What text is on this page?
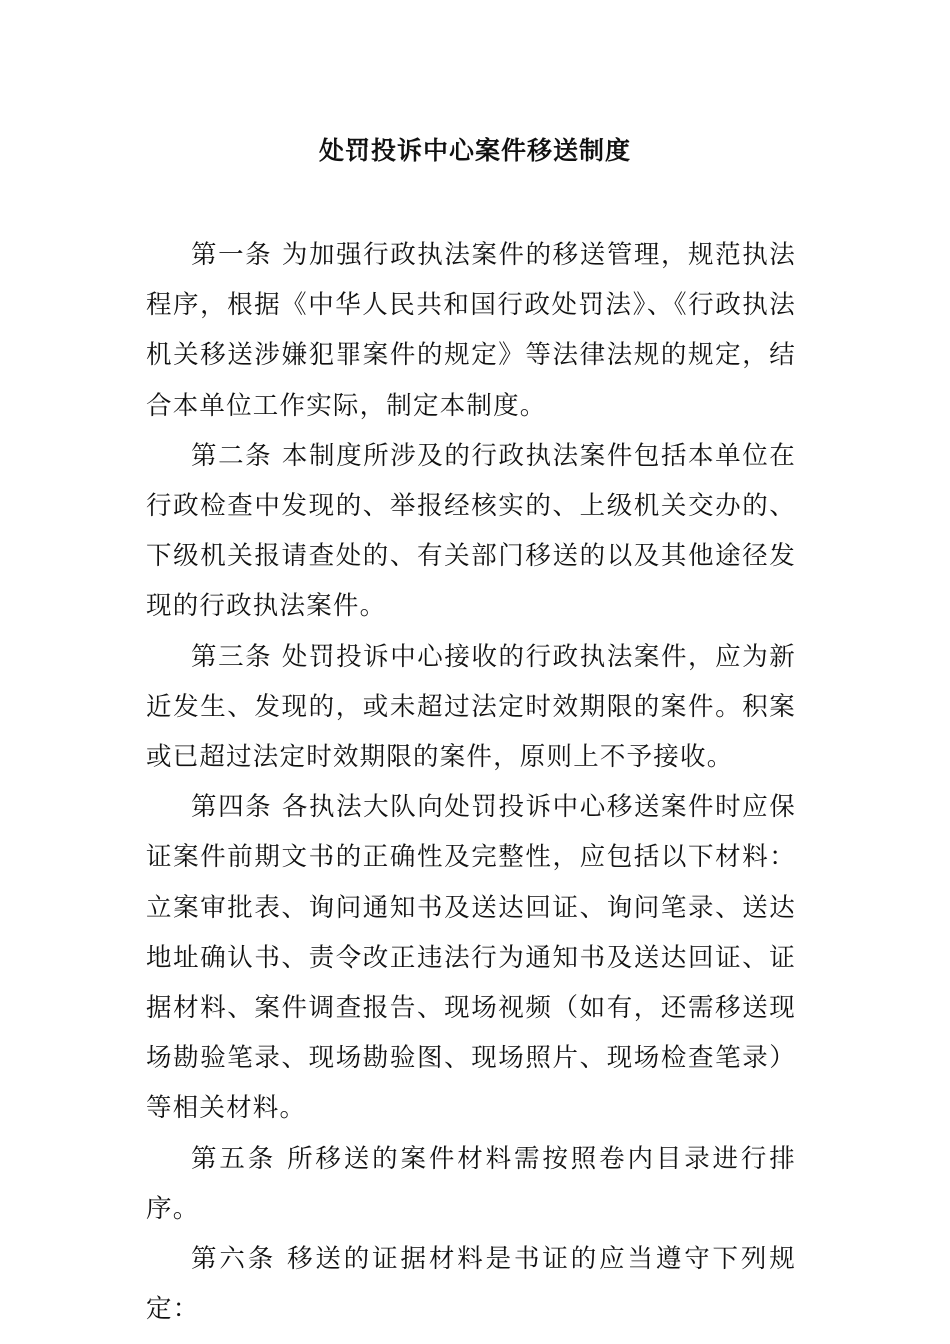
处罚投诉中心案件移送制度

第一条 为加强行政执法案件的移送管理，规范执法程序，根据《中华人民共和国行政处罚法》、《行政执法机关移送涉嫌犯罪案件的规定》等法律法规的规定，结合本单位工作实际，制定本制度。

第二条 本制度所涉及的行政执法案件包括本单位在行政检查中发现的、举报经核实的、上级机关交办的、下级机关报请查处的、有关部门移送的以及其他途径发现的行政执法案件。

第三条 处罚投诉中心接收的行政执法案件，应为新近发生、发现的，或未超过法定时效期限的案件。积案或已超过法定时效期限的案件，原则上不予接收。

第四条 各执法大队向处罚投诉中心移送案件时应保证案件前期文书的正确性及完整性，应包括以下材料：立案审批表、询问通知书及送达回证、询问笔录、送达地址确认书、责令改正违法行为通知书及送达回证、证据材料、案件调查报告、现场视频（如有，还需移送现场勘验笔录、现场勘验图、现场照片、现场检查笔录）等相关材料。

第五条 所移送的案件材料需按照卷内目录进行排序。

第六条 移送的证据材料是书证的应当遵守下列规定：
